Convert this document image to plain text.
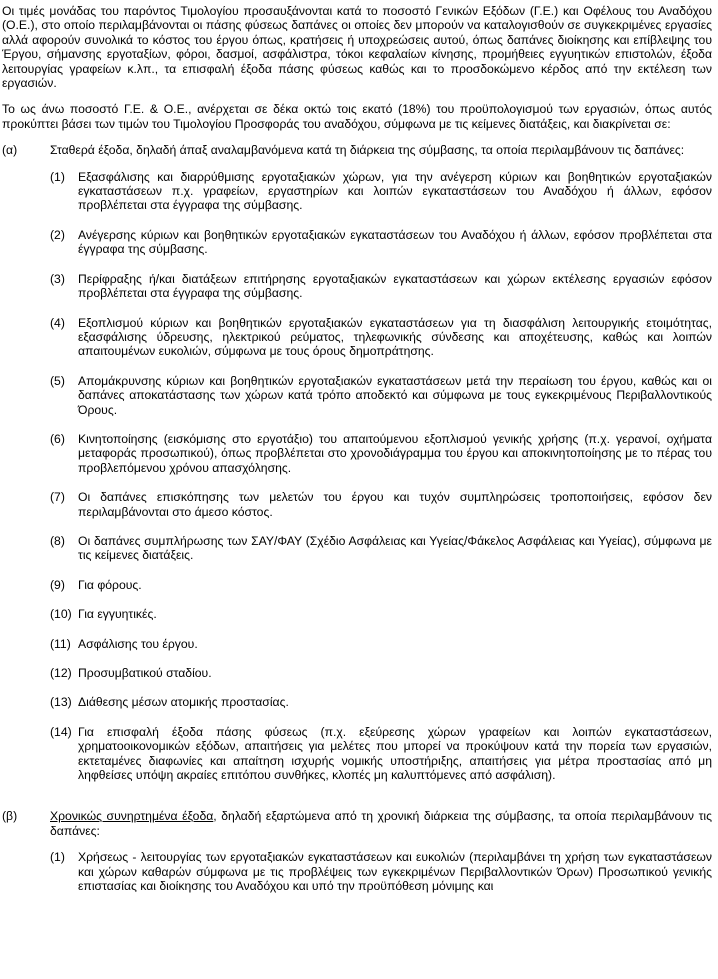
Οι τιμές μονάδας του παρόντος Τιμολογίου προσαυξάνονται κατά το ποσοστό Γενικών Εξόδων (Γ.Ε.) και Οφέλους του Αναδόχου (Ο.Ε.), στο οποίο περιλαμβάνονται οι πάσης φύσεως δαπάνες οι οποίες δεν μπορούν να καταλογισθούν σε συγκεκριμένες εργασίες αλλά αφορούν συνολικά το κόστος του έργου όπως, κρατήσεις ή υποχρεώσεις αυτού, όπως δαπάνες διοίκησης και επίβλεψης του Έργου, σήμανσης εργοταξίων, φόροι, δασμοί, ασφάλιστρα, τόκοι κεφαλαίων κίνησης, προμήθειες εγγυητικών επιστολών, έξοδα λειτουργίας γραφείων κ.λπ., τα επισφαλή έξοδα πάσης φύσεως καθώς και το προσδοκώμενο κέρδος από την εκτέλεση των εργασιών.

Το ως άνω ποσοστό Γ.Ε. & Ο.Ε., ανέρχεται σε δέκα οκτώ τοις εκατό (18%) του προϋπολογισμού των εργασιών, όπως αυτός προκύπτει βάσει των τιμών του Τιμολογίου Προσφοράς του αναδόχου, σύμφωνα με τις κείμενες διατάξεις, και διακρίνεται σε:

(α)	Σταθερά έξοδα, δηλαδή άπαξ αναλαμβανόμενα κατά τη διάρκεια της σύμβασης, τα οποία περιλαμβάνουν τις δαπάνες:

(1)	Εξασφάλισης και διαρρύθμισης εργοταξιακών χώρων, για την ανέγερση κύριων και βοηθητικών εργοταξιακών εγκαταστάσεων π.χ. γραφείων, εργαστηρίων και λοιπών εγκαταστάσεων του Αναδόχου ή άλλων, εφόσον προβλέπεται στα έγγραφα της σύμβασης.
(2)	Ανέγερσης κύριων και βοηθητικών εργοταξιακών εγκαταστάσεων του Αναδόχου ή άλλων, εφόσον προβλέπεται στα έγγραφα της σύμβασης.
(3)	Περίφραξης ή/και διατάξεων επιτήρησης εργοταξιακών εγκαταστάσεων και χώρων εκτέλεσης εργασιών εφόσον προβλέπεται στα έγγραφα της σύμβασης.
(4)	Εξοπλισμού κύριων και βοηθητικών εργοταξιακών εγκαταστάσεων για τη διασφάλιση λειτουργικής ετοιμότητας, εξασφάλισης ύδρευσης, ηλεκτρικού ρεύματος, τηλεφωνικής σύνδεσης και αποχέτευσης, καθώς και λοιπών απαιτουμένων ευκολιών, σύμφωνα με τους όρους δημοπράτησης.
(5)	Απομάκρυνσης κύριων και βοηθητικών εργοταξιακών εγκαταστάσεων μετά την περαίωση του έργου, καθώς και οι δαπάνες αποκατάστασης των χώρων κατά τρόπο αποδεκτό και σύμφωνα με τους εγκεκριμένους Περιβαλλοντικούς Όρους.
(6)	Κινητοποίησης (εισκόμισης στο εργοτάξιο) του απαιτούμενου εξοπλισμού γενικής χρήσης (π.χ. γερανοί, οχήματα μεταφοράς προσωπικού), όπως προβλέπεται στο χρονοδιάγραμμα του έργου και αποκινητοποίησης με το πέρας του προβλεπόμενου χρόνου απασχόλησης.
(7)	Οι δαπάνες επισκόπησης των μελετών του έργου και τυχόν συμπληρώσεις τροποποιήσεις, εφόσον δεν περιλαμβάνονται στο άμεσο κόστος.
(8)	Οι δαπάνες συμπλήρωσης των ΣΑΥ/ΦΑΥ (Σχέδιο Ασφάλειας και Υγείας/Φάκελος Ασφάλειας και Υγείας), σύμφωνα με τις κείμενες διατάξεις.
(9)	Για φόρους.
(10) Για εγγυητικές.
(11) Ασφάλισης του έργου.
(12) Προσυμβατικού σταδίου.
(13) Διάθεσης μέσων ατομικής προστασίας.
(14) Για επισφαλή έξοδα πάσης φύσεως (π.χ. εξεύρεσης χώρων γραφείων και λοιπών εγκαταστάσεων, χρηματοοικονομικών εξόδων, απαιτήσεις για μελέτες που μπορεί να προκύψουν κατά την πορεία των εργασιών, εκτεταμένες διαφωνίες και απαίτηση ισχυρής νομικής υποστήριξης, απαιτήσεις για μέτρα προστασίας από μη ληφθείσες υπόψη ακραίες επιτόπου συνθήκες, κλοπές μη καλυπτόμενες από ασφάλιση).
(β)	Χρονικώς συνηρτημένα έξοδα, δηλαδή εξαρτώμενα από τη χρονική διάρκεια της σύμβασης, τα οποία περιλαμβάνουν τις δαπάνες:

(1)	Χρήσεως - λειτουργίας των εργοταξιακών εγκαταστάσεων και ευκολιών (περιλαμβάνει τη χρήση των εγκαταστάσεων και χώρων καθαρών σύμφωνα με τις προβλέψεις των εγκεκριμένων Περιβαλλοντικών Όρων) Προσωπικού γενικής επιστασίας και διοίκησης του Αναδόχου και υπό την προϋπόθεση μόνιμης και
